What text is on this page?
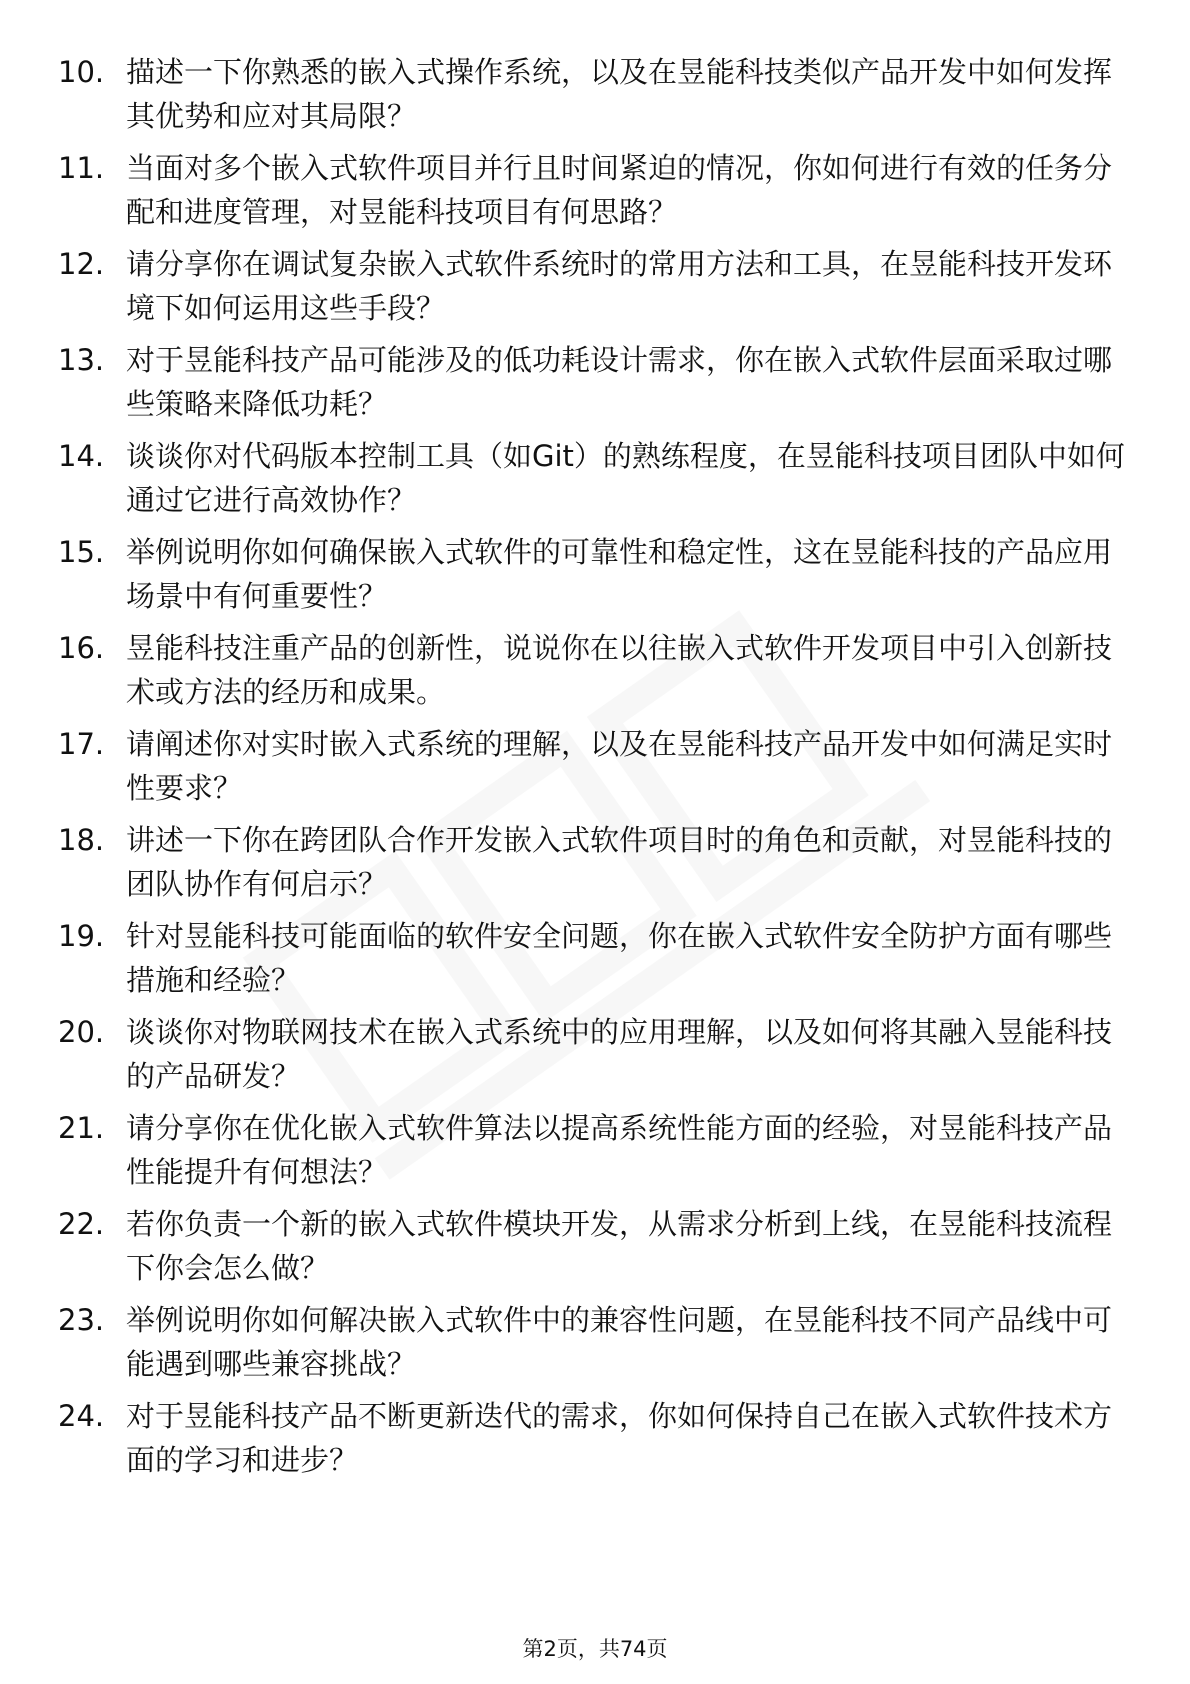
10. 描述一下你熟悉的嵌入式操作系统，以及在昱能科技类似产品开发中如何发挥其优势和应对其局限？
11. 当面对多个嵌入式软件项目并行且时间紧迫的情况，你如何进行有效的任务分配和进度管理，对昱能科技项目有何思路？
12. 请分享你在调试复杂嵌入式软件系统时的常用方法和工具，在昱能科技开发环境下如何运用这些手段？
13. 对于昱能科技产品可能涉及的低功耗设计需求，你在嵌入式软件层面采取过哪些策略来降低功耗？
14. 谈谈你对代码版本控制工具（如Git）的熟练程度，在昱能科技项目团队中如何通过它进行高效协作？
15. 举例说明你如何确保嵌入式软件的可靠性和稳定性，这在昱能科技的产品应用场景中有何重要性？
16. 昱能科技注重产品的创新性，说说你在以往嵌入式软件开发项目中引入创新技术或方法的经历和成果。
17. 请阐述你对实时嵌入式系统的理解，以及在昱能科技产品开发中如何满足实时性要求？
18. 讲述一下你在跨团队合作开发嵌入式软件项目时的角色和贡献，对昱能科技的团队协作有何启示？
19. 针对昱能科技可能面临的软件安全问题，你在嵌入式软件安全防护方面有哪些措施和经验？
20. 谈谈你对物联网技术在嵌入式系统中的应用理解，以及如何将其融入昱能科技的产品研发？
21. 请分享你在优化嵌入式软件算法以提高系统性能方面的经验，对昱能科技产品性能提升有何想法？
22. 若你负责一个新的嵌入式软件模块开发，从需求分析到上线，在昱能科技流程下你会怎么做？
23. 举例说明你如何解决嵌入式软件中的兼容性问题，在昱能科技不同产品线中可能遇到哪些兼容挑战？
24. 对于昱能科技产品不断更新迭代的需求，你如何保持自己在嵌入式软件技术方面的学习和进步？
第2页，共74页
